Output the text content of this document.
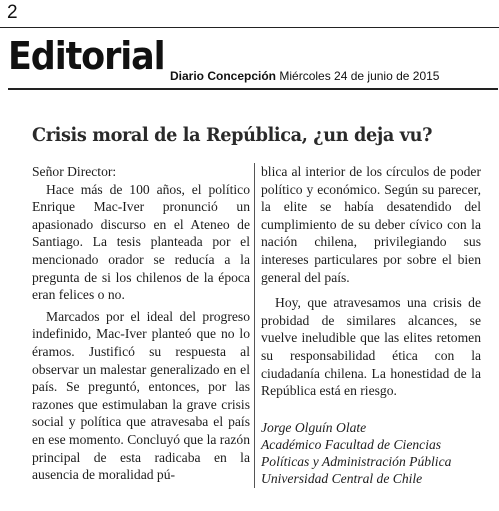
2
Editorial Diario Concepción Miércoles 24 de junio de 2015
Crisis moral de la República, ¿un deja vu?

Señor Director:

Hace más de 100 años, el político Enrique Mac-Iver pronunció un apasionado discurso en el Ateneo de Santiago. La tesis planteada por el mencionado orador se reducía a la pregunta de si los chilenos de la época eran felices o no.

Marcados por el ideal del progreso indefinido, Mac-Iver planteó que no lo éramos. Justificó su respuesta al observar un malestar generalizado en el país. Se preguntó, entonces, por las razones que estimulaban la grave crisis social y política que atravesaba el país en ese momento. Concluyó que la razón principal de esta radicaba en la ausencia de moralidad pú-

blica al interior de los círculos de poder político y económico. Según su parecer, la elite se había desatendido del cumplimiento de su deber cívico con la nación chilena, privilegiando sus intereses particulares por sobre el bien general del país.

Hoy, que atravesamos una crisis de probidad de similares alcances, se vuelve ineludible que las elites retomen su responsabilidad ética con la ciudadanía chilena. La honestidad de la República está en riesgo.

Jorge Olguín Olate
Académico Facultad de Ciencias
Políticas y Administración Pública
Universidad Central de Chile
